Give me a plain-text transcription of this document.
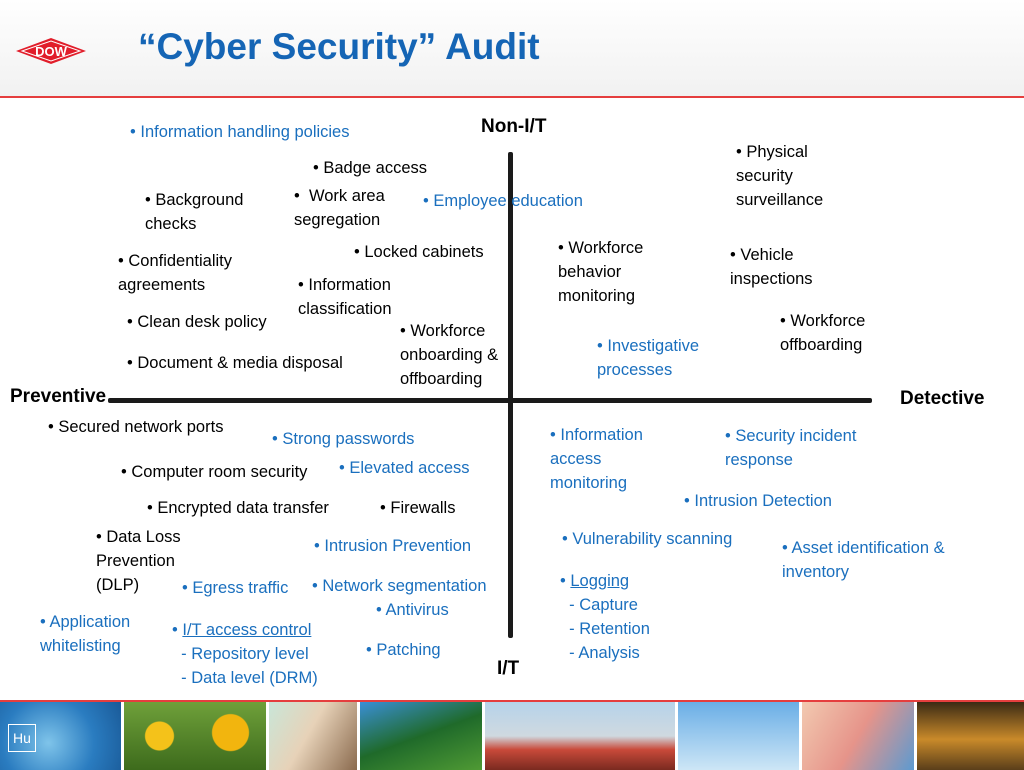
DOW “Cyber Security” Audit
Non-I/T
I/T
Preventive	Detective
• Information handling policies
• Badge access
• Background
checks
•  Work area
segregation
• Employee education
• Locked cabinets
• Confidentiality
agreements	• Information
classification
• Clean desk policy	• Workforce
onboarding &
offboarding
• Document & media disposal
• Physical
security
surveillance
• Workforce
behavior
monitoring
• Vehicle
inspections
• Investigative
processes
• Workforce
offboarding
• Secured network ports
• Strong passwords
• Computer room security • Elevated access
• Encrypted data transfer	• Firewalls
• Data Loss
Prevention
(DLP)
• Intrusion Prevention
• Egress traffic • Network segmentation
• Antivirus
• Application
whitelisting
• I/T access control
- Repository level
- Data level (DRM)
• Patching
• Information
access
monitoring
• Security incident
response
• Intrusion Detection
• Vulnerability scanning	• Asset identification &
inventory
• Logging
- Capture
- Retention
- Analysis
Hu
